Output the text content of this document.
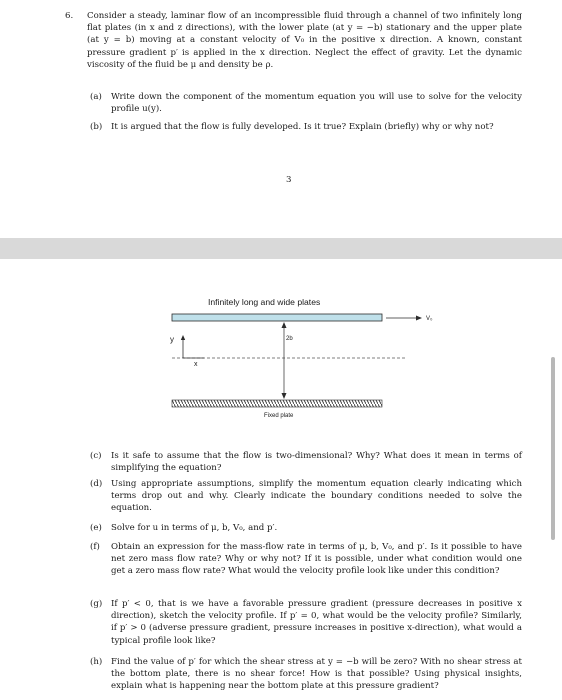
6. Consider a steady, laminar flow of an incompressible fluid through a channel of two infinitely long flat plates (in x and z directions), with the lower plate (at y = −b) stationary and the upper plate (at y = b) moving at a constant velocity of V₀ in the positive x direction. A known, constant pressure gradient p′ is applied in the x direction. Neglect the effect of gravity. Let the dynamic viscosity of the fluid be μ and density be ρ.
(a) Write down the component of the momentum equation you will use to solve for the velocity profile u(y).
(b) It is argued that the flow is fully developed. Is it true? Explain (briefly) why or why not?
3
Infinitely long and wide plates
2b
V₀
y
x
Fixed plate
(c) Is it safe to assume that the flow is two-dimensional? Why? What does it mean in terms of simplifying the equation?
(d) Using appropriate assumptions, simplify the momentum equation clearly indicating which terms drop out and why. Clearly indicate the boundary conditions needed to solve the equation.
(e) Solve for u in terms of μ, b, V₀, and p′.
(f) Obtain an expression for the mass-flow rate in terms of μ, b, V₀, and p′. Is it possible to have net zero mass flow rate? Why or why not? If it is possible, under what condition would one get a zero mass flow rate? What would the velocity profile look like under this condition?
(g) If p′ < 0, that is we have a favorable pressure gradient (pressure decreases in positive x direction), sketch the velocity profile. If p′ = 0, what would be the velocity profile? Similarly, if p′ > 0 (adverse pressure gradient, pressure increases in positive x-direction), what would a typical profile look like?
(h) Find the value of p′ for which the shear stress at y = −b will be zero? With no shear stress at the bottom plate, there is no shear force! How is that possible? Using physical insights, explain what is happening near the bottom plate at this pressure gradient?
